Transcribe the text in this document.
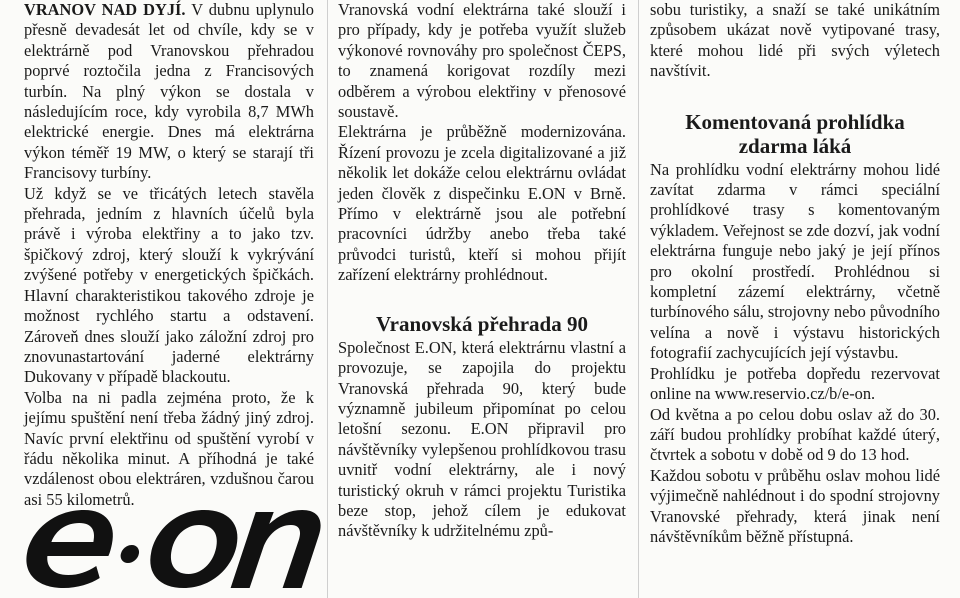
VRANOV NAD DYJÍ. V dubnu uplynulo přesně devadesát let od chvíle, kdy se v elektrárně pod Vranovskou přehradou poprvé roztočila jedna z Francisových turbín. Na plný výkon se dostala v následujícím roce, kdy vyrobila 8,7 MWh elektrické energie. Dnes má elektrárna výkon téměř 19 MW, o který se starají tři Francisovy turbíny.

Už když se ve třicátých letech stavěla přehrada, jedním z hlavních účelů byla právě i výroba elektřiny a to jako tzv. špičkový zdroj, který slouží k vykrývání zvýšené potřeby v energetických špičkách. Hlavní charakteristikou takového zdroje je možnost rychlého startu a odstavení. Zároveň dnes slouží jako záložní zdroj pro znovunastartování jaderné elektrárny Dukovany v případě blackoutu.

Volba na ni padla zejména proto, že k jejímu spuštění není třeba žádný jiný zdroj. Navíc první elektřinu od spuštění vyrobí v řádu několika minut. A příhodná je také vzdálenost obou elektráren, vzdušnou čarou asi 55 kilometrů.

Vranovská vodní elektrárna také slouží i pro případy, kdy je potřeba využít služeb výkonové rovnováhy pro společnost ČEPS, to znamená korigovat rozdíly mezi odběrem a výrobou elektřiny v přenosové soustavě.

Elektrárna je průběžně modernizována. Řízení provozu je zcela digitalizované a již několik let dokáže celou elektrárnu ovládat jeden člověk z dispečinku E.ON v Brně. Přímo v elektrárně jsou ale potřební pracovníci údržby anebo třeba také průvodci turistů, kteří si mohou přijít zařízení elektrárny prohlédnout.

Vranovská přehrada 90

Společnost E.ON, která elektrárnu vlastní a provozuje, se zapojila do projektu Vranovská přehrada 90, který bude významně jubileum připomínat po celou letošní sezonu. E.ON připravil pro návštěvníky vylepšenou prohlídkovou trasu uvnitř vodní elektrárny, ale i nový turistický okruh v rámci projektu Turistika beze stop, jehož cílem je edukovat návštěvníky k udržitelnému způ-

sobu turistiky, a snaží se také unikátním způsobem ukázat nově vytipované trasy, které mohou lidé při svých výletech navštívit.

Komentovaná prohlídka zdarma láká

Na prohlídku vodní elektrárny mohou lidé zavítat zdarma v rámci speciální prohlídkové trasy s komentovaným výkladem. Veřejnost se zde dozví, jak vodní elektrárna funguje nebo jaký je její přínos pro okolní prostředí. Prohlédnou si kompletní zázemí elektrárny, včetně turbínového sálu, strojovny nebo původního velína a nově i výstavu historických fotografií zachycujících její výstavbu.

Prohlídku je potřeba dopředu rezervovat online na www.reservio.cz/b/e-on.

Od května a po celou dobu oslav až do 30. září budou prohlídky probíhat každé úterý, čtvrtek a sobotu v době od 9 do 13 hod.

Každou sobotu v průběhu oslav mohou lidé výjimečně nahlédnout i do spodní strojovny Vranovské přehrady, která jinak není návštěvníkům běžně přístupná.
